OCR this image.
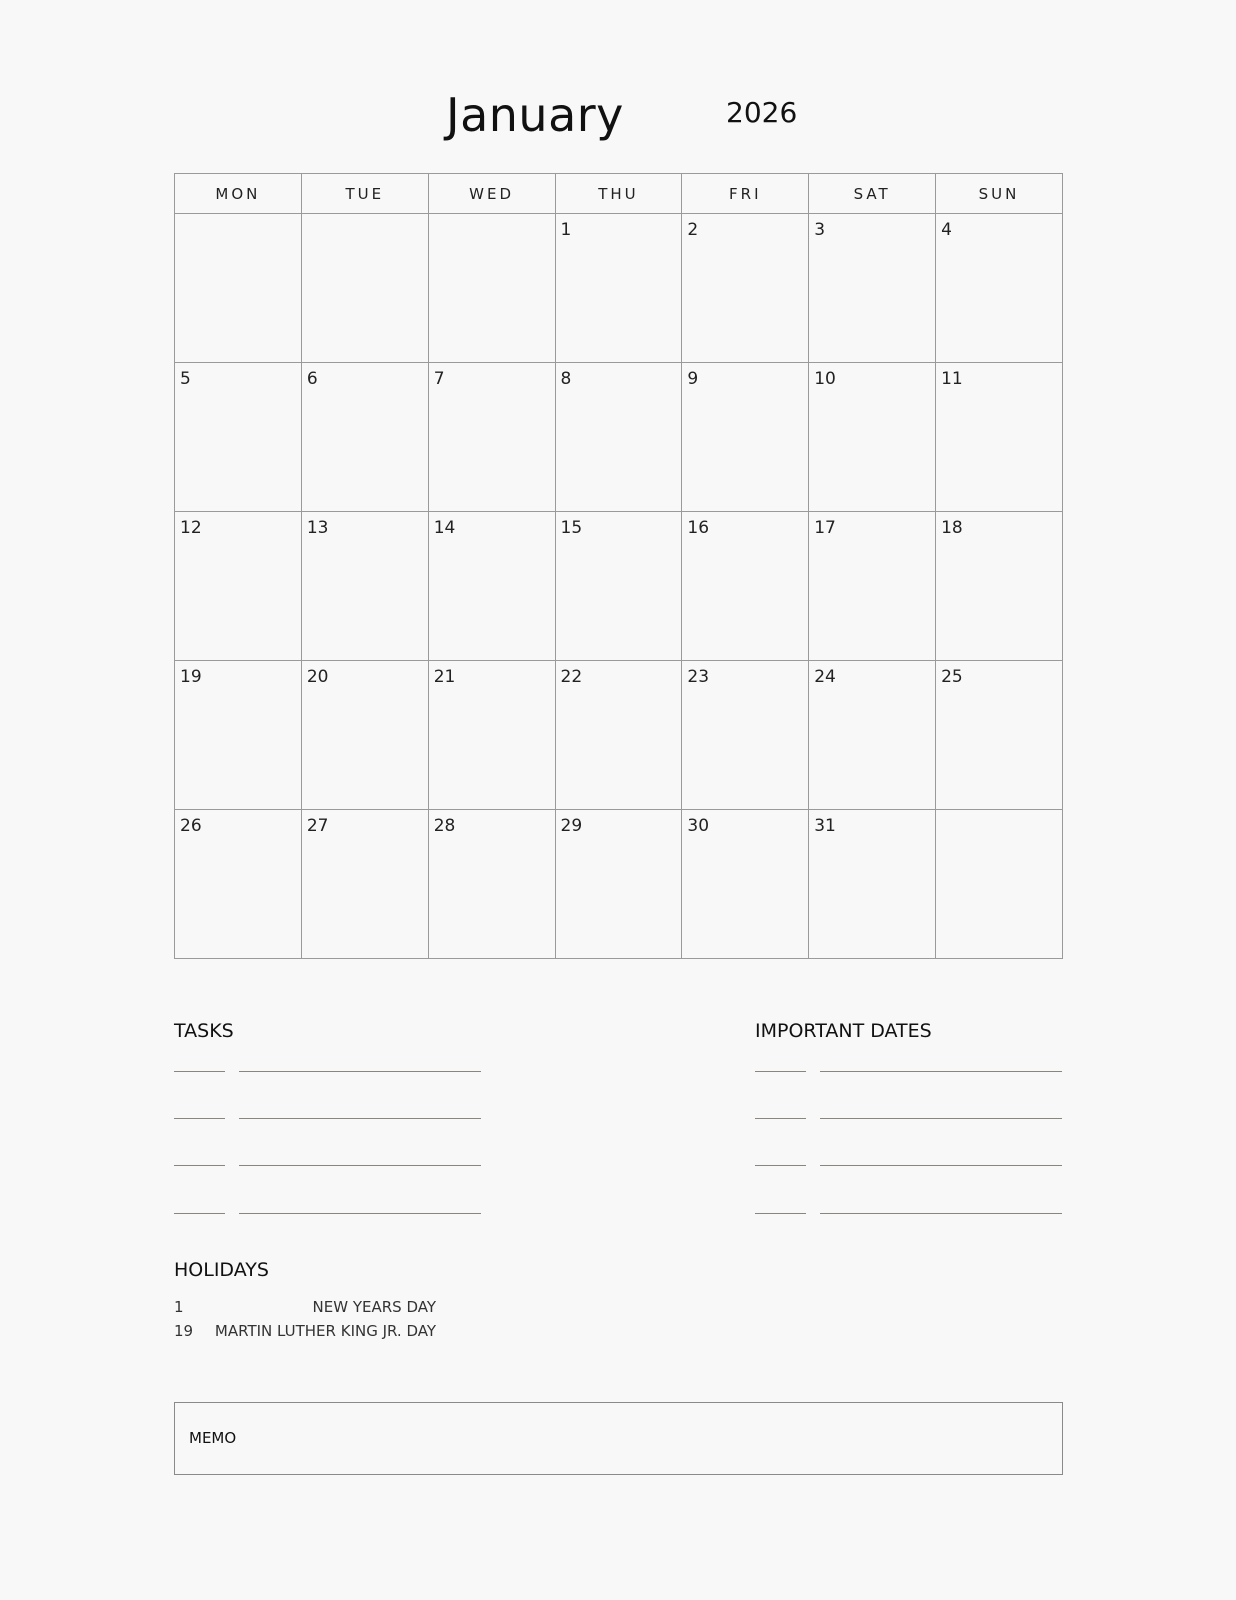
January	2026
MON	TUE	WED	THU	FRI	SAT	SUN

			1	2	3	4

5	6	7	8	9	10	11

12	13	14	15	16	17	18

19	20	21	22	23	24	25

26	27	28	29	30	31	

TASKS	IMPORTANT DATES
HOLIDAYS
1	NEW YEARS DAY
19 MARTIN LUTHER KING JR. DAY
MEMO
